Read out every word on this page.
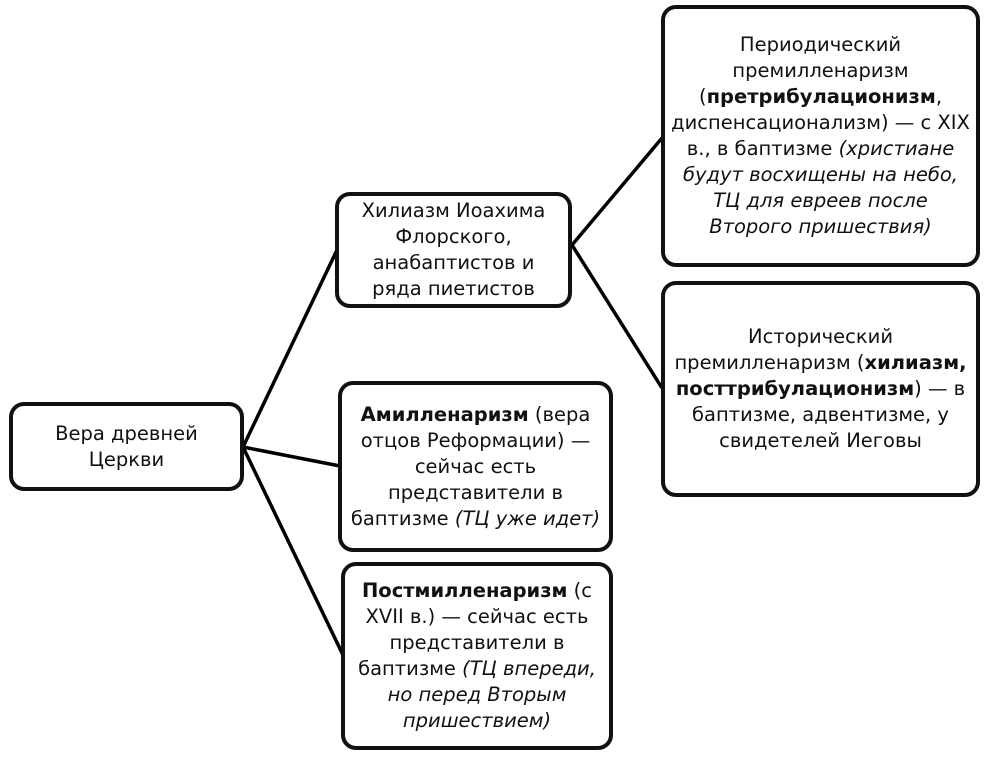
Вера древней Церкви
Хилиазм Иоахима Флорского, анабаптистов и ряда пиетистов
Амилленаризм (вера отцов Реформации) — сейчас есть представители в баптизме (ТЦ уже идет)
Постмилленаризм (с XVII в.) — сейчас есть представители в баптизме (ТЦ впереди, но перед Вторым пришествием)
Периодический премилленаризм (претрибулационизм, диспенсационализм) — с XIX в., в баптизме (христиане будут восхищены на небо, ТЦ для евреев после Второго пришествия)
Исторический премилленаризм (хилиазм, посттрибулационизм) — в баптизме, адвентизме, у свидетелей Иеговы
